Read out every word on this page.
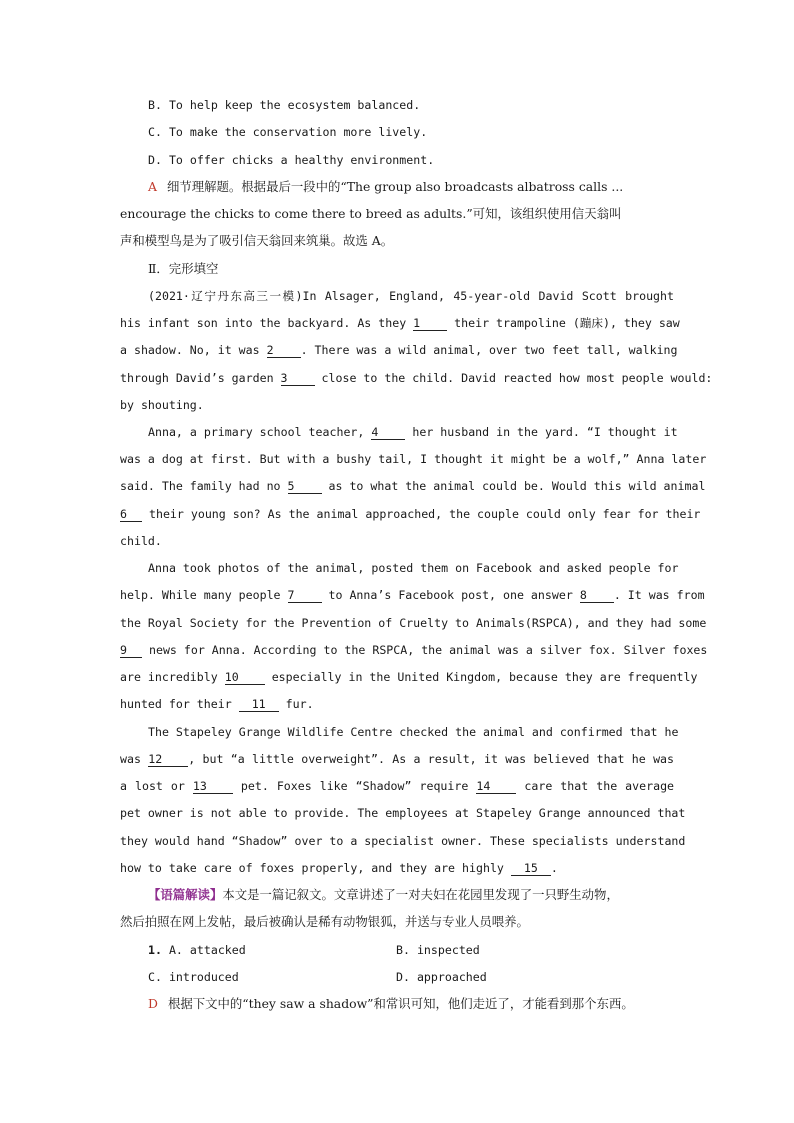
B. To help keep the ecosystem balanced.
C. To make the conservation more lively.
D. To offer chicks a healthy environment.
A 细节理解题。根据最后一段中的“The group also broadcasts albatross calls ...
encourage the chicks to come there to breed as adults.”可知，该组织使用信天翁叫
声和模型鸟是为了吸引信天翁回来筑巢。故选 A。
Ⅱ．完形填空
(2021·辽宁丹东高三一模)In Alsager, England, 45-year-old David Scott brought
his infant son into the backyard. As they 1	their trampoline (蹦床), they saw
a shadow. No, it was 2 . There was a wild animal, over two feet tall, walking
through David’s garden 3	close to the child. David reacted how most people would:
by shouting.
Anna, a primary school teacher, 4	her husband in the yard. “I thought it
was a dog at first. But with a bushy tail, I thought it might be a wolf,” Anna later
said. The family had no 5	as to what the animal could be. Would this wild animal
6 their young son? As the animal approached, the couple could only fear for their
child.
Anna took photos of the animal, posted them on Facebook and asked people for
help. While many people 7	to Anna’s Facebook post, one answer 8 . It was from
the Royal Society for the Prevention of Cruelty to Animals(RSPCA), and they had some
9 news for Anna. According to the RSPCA, the animal was a silver fox. Silver foxes
are incredibly 10	especially in the United Kingdom, because they are frequently
hunted for their 11 fur.
The Stapeley Grange Wildlife Centre checked the animal and confirmed that he
was 12 , but “a little overweight”. As a result, it was believed that he was
a lost or 13	pet. Foxes like “Shadow” require 14	care that the average
pet owner is not able to provide. The employees at Stapeley Grange announced that
they would hand “Shadow” over to a specialist owner. These specialists understand
how to take care of foxes properly, and they are highly 15 .
【语篇解读】本文是一篇记叙文。文章讲述了一对夫妇在花园里发现了一只野生动物，
然后拍照在网上发帖，最后被确认是稀有动物银狐，并送与专业人员喂养。
1. A. attacked	B. inspected
C. introduced	D. approached
D 根据下文中的“they saw a shadow”和常识可知，他们走近了，才能看到那个东西。
